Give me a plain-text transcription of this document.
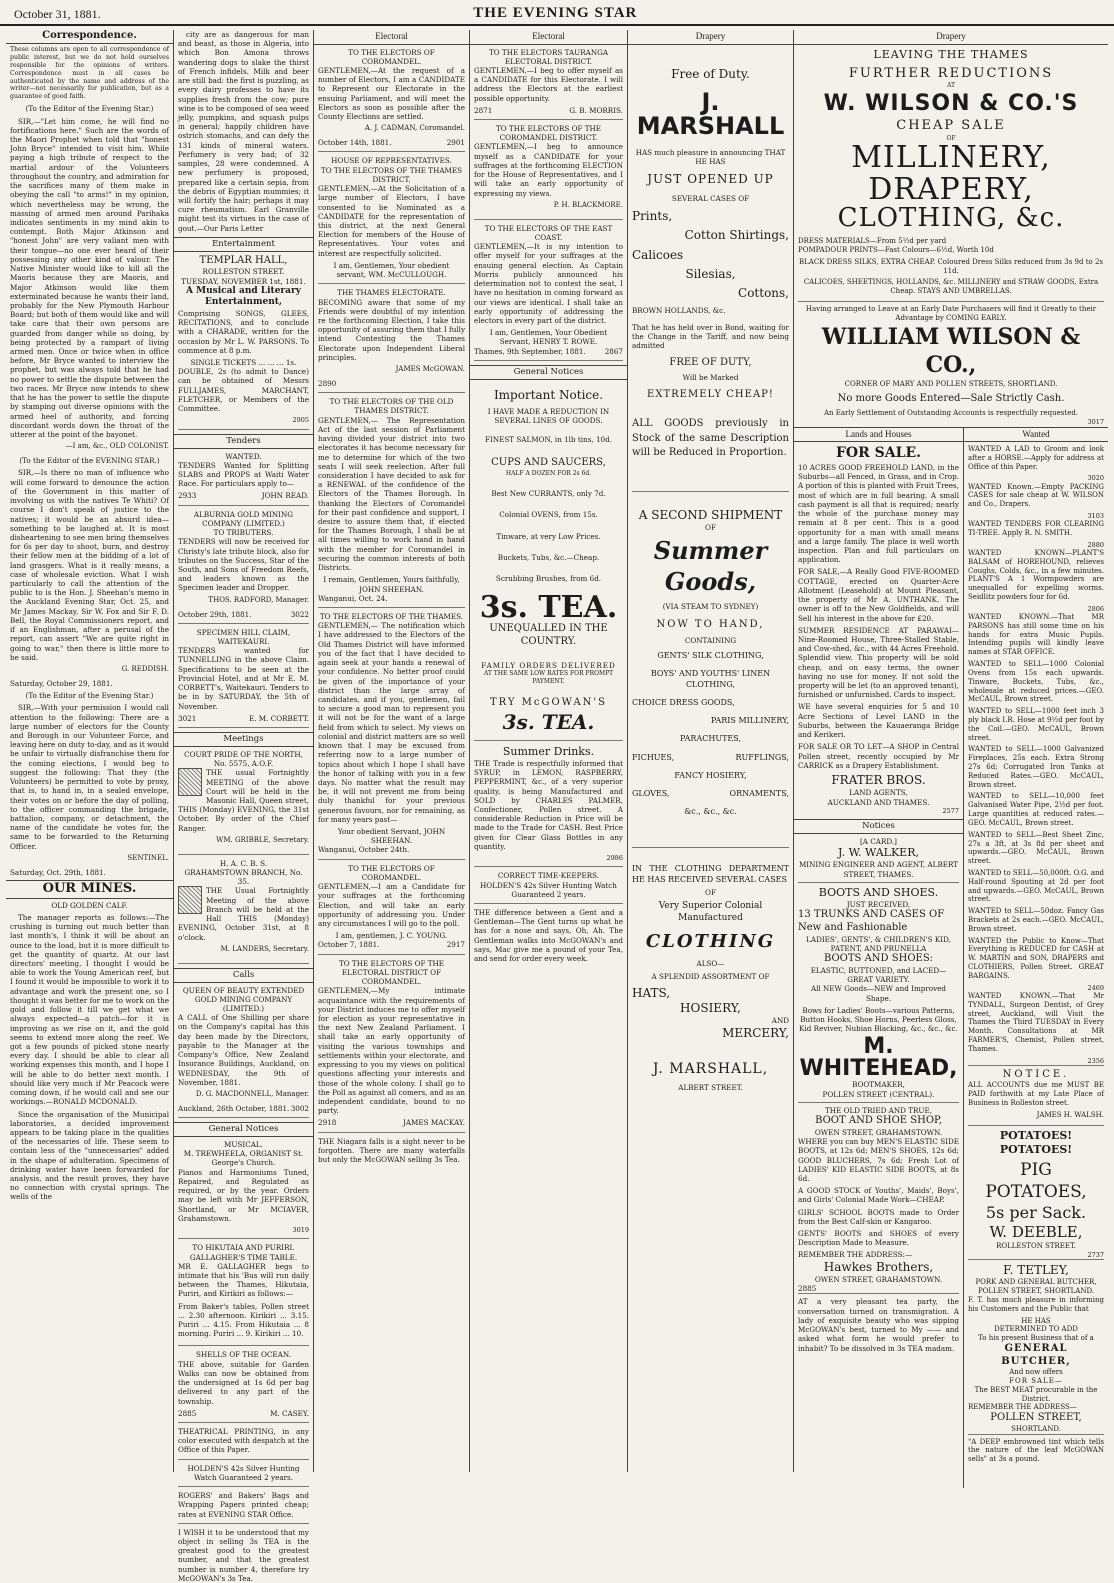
October 31, 1881.	THE EVENING STAR
Correspondence.

These columns are open to all correspondence of public interest, but we do not hold ourselves responsible for the opinions of writers. Correspondence must in all cases be authenticated by the name and address of the writer—not necessarily for publication, but as a guarantee of good faith.

(To the Editor of the Evening Star.)

SIR,—"Let him come, he will find no fortifications here." Such are the words of the Maori Prophet when told that "honest John Bryce" intended to visit him. While paying a high tribute of respect to the martial ardour of the Volunteers throughout the country, and admiration for the sacrifices many of them make in obeying the call "to arms!" in my opinion, which nevertheless may be wrong, the massing of armed men around Parihaka indicates sentiments in my mind akin to contempt. Both Major Atkinson and "honest John" are very valiant men with their tongue—no one ever heard of their possessing any other kind of valour. The Native Minister would like to kill all the Maoris because they are Maoris, and Major Atkinson would like them exterminated because he wants their land, probably for the New Plymouth Harbour Board; but both of them would like and will take care that their own persons are guarded from danger while so doing, by being protected by a rampart of living armed men. Once or twice when in office before, Mr Bryce wanted to interview the prophet, but was always told that he had no power to settle the dispute between the two races. Mr Bryce now intends to shew that he has the power to settle the dispute by stamping out diverse opinions with the armed heel of authority, and forcing discordant words down the throat of the utterer at the point of the bayonet.

—I am, &c., OLD COLONIST.

(To the Editor of the EVENING STAR.)

SIR,—Is there no man of influence who will come forward to denounce the action of the Government in this matter of involving us with the natives Te Whiti? Of course I don't speak of justice to the natives; it would be an absurd idea—something to be laughed at. It is most disheartening to see men bring themselves for 6s per day to shoot, burn, and destroy their fellow men at the bidding of a lot of land grasgers. What is it really means, a case of wholesale eviction. What I wish particularly to call the attention of the public to is the Hon. J. Sheehan's memo in the Auckland Evening Star, Oct. 25, and Mr James Mackay, Sir W. Fox and Sir F. D. Bell, the Royal Commissioners report, and if an Englishman, after a perusal of the report, can assert "We are quite right in going to war," then there is little more to be said.

G. REDDISH.

Saturday, October 29, 1881.

(To the Editor of the Evening Star.)

SIR,—With your permission I would call attention to the following: There are a large number of electors for the County and Borough in our Volunteer Force, and leaving here on duty to-day, and as it would be unfair to virtually disfranchise them for the coming elections, I would beg to suggest the following: That they (the Volunteers) be permitted to vote by proxy, that is, to hand in, in a sealed envelope, their votes on or before the day of polling, to the officer commanding the brigade, battalion, company, or detachment, the name of the candidate he votes for, the same to be forwarded to the Returning Officer.

SENTINEL.

Saturday, Oct. 29th, 1881.

OUR MINES.

OLD GOLDEN CALF.

The manager reports as follows:—The crushing is turning out much better than last month's, I think it will be about an ounce to the load, but it is more difficult to get the quantity of quartz. At our last directors' meeting, I thought I would be able to work the Young American reef, but I found it would be impossible to work it to advantage and work the present one, so I thought it was better for me to work on the gold and follow it till we get what we always expected—a patch—for it is improving as we rise on it, and the gold seems to extend more along the reef. We got a few pounds of picked stone nearly every day. I should be able to clear all working expenses this month, and I hope I will be able to do better next month. I should like very much if Mr Peacock were coming down, if he would call and see our workings.—RONALD MCDONALD.

Since the organisation of the Municipal laboratories, a decided improvement appears to be taking place in the qualities of the necessaries of life. These seem to contain less of the "unnecessaries" added in the shape of adulteration. Specimens of drinking water have been forwarded for analysis, and the result proves, they have no connection with crystal springs. The wells of the

city are as dangerous for man and beast, as those in Algeria, into which Bon Amona throws wandering dogs to slake the thirst of French infidels. Milk and beer are still bad: the first is puzzling, as every dairy professes to have its supplies fresh from the cow; pure wine is to be composed of sea weed jelly, pumpkins, and squash pulps in general; happily children have ostrich stomachs, and can defy the 131 kinds of mineral waters. Perfumery is very bad; of 32 samples, 28 were condemned. A new perfumery is proposed, prepared like a certain sepia, from the debris of Egyptian mummies; it will fortify the hair; perhaps it may cure rheumatism. Earl Granville might test its virtues in the case of gout.—Our Paris Letter

Entertainment
TEMPLAR HALL,
ROLLESTON STREET.
TUESDAY, NOVEMBER 1st, 1881.
A Musical and Literary Entertainment,

Comprising SONGS, GLEES, RECITATIONS, and to conclude with a CHARADE, written for the occasion by Mr L. W. PARSONS. To commence at 8 p.m.

SINGLE TICKETS ... ... ... 1s.

DOUBLE, 2s (to admit to Dance) can be obtained of Messrs FULLJAMES, MARCHANT, FLETCHER, or Members of the Committee.

2905
Tenders
WANTED.

TENDERS Wanted for Splitting SLABS and PROPS at Waiti Water Race. For particulars apply to—

2933	JOHN READ.
ALBURNIA GOLD MINING COMPANY (LIMITED.)
TO TRIBUTERS.

TENDERS will now be received for Christy's late tribute block, also for tributes on the Success, Star of the South, and Sons of Freedom Reefs, and leaders known as the Specimen leader and Dropper.

THOS. RADFORD, Manager.
October 29th, 1881.	3022
SPECIMEN HILL CLAIM, WAITEKAURI.

TENDERS wanted for TUNNELLING in the above Claim. Specifications to be seen at the Provincial Hotel, and at Mr E. M. CORBETT's, Waitekauri. Tenders to be in by SATURDAY, the 5th of November.

3021	E. M. CORBETT.
Meetings
COURT PRIDE OF THE NORTH, No. 5575, A.O.F.

THE usual Fortnightly MEETING of the above Court will be held in the Masonic Hall, Queen street, THIS (Monday) EVENING, the 31st October. By order of the Chief Ranger.

WM. GRIBBLE, Secretary.
H. A. C. B. S.
GRAHAMSTOWN BRANCH, No. 35.

THE Usual Fortnightly Meeting of the above Branch will be held at the Hall THIS (Monday) EVENING, October 31st, at 8 o'clock.

M. LANDERS, Secretary.
Calls
QUEEN OF BEAUTY EXTENDED GOLD MINING COMPANY (LIMITED.)

A CALL of One Shilling per share on the Company's capital has this day been made by the Directors, payable to the Manager at the Company's Office, New Zealand Insurance Buildings, Auckland, on WEDNESDAY, the 9th of November, 1881.

D. G. MACDONNELL, Manager.
Auckland, 26th October, 1881. 3002
General Notices
MUSICAL.
M. TREWHEELA, ORGANIST St. George's Church.

Pianos and Harmoniums Tuned, Repaired, and Regulated as required, or by the year. Orders may be left with Mr JEFFERSON, Shortland, or Mr MCIAVER, Grahamstown.

3019
TO HIKUTAIA AND PURIRI.
GALLAGHER'S TIME TABLE.

MR E. GALLAGHER begs to intimate that his 'Bus will run daily between the Thames, Hikutaia, Puriri, and Kirikiri as follows:—

From Baker's tables, Pollen street ... 2.30 afternoon. Kirikiri ... 3.15. Puriri ... 4.15. From Hikutaia ... 8 morning. Puriri ... 9. Kirikiri ... 10.

SHELLS OF THE OCEAN.

THE above, suitable for Garden Walks can now be obtained from the undersigned at 1s 6d per bag delivered to any part of the township.

2885	M. CASEY.

THEATRICAL PRINTING, in any color executed with despatch at the Office of this Paper.

HOLDEN'S 42s Silver Hunting Watch Guaranteed 2 years.

ROGERS' and Bakers' Bags and Wrapping Papers printed cheap; rates at EVENING STAR Office.

I WISH it to be understood that my object in selling 3s TEA is the greatest good to the greatest number, and that the greatest number is number 4, therefore try McGOWAN's 3s Tea.

Electoral
TO THE ELECTORS OF COROMANDEL.

GENTLEMEN,—At the request of a number of Electors, I am a CANDIDATE to Represent our Electorate in the ensuing Parliament, and will meet the Electors as soon as possible after the County Elections are settled.

A. J. CADMAN, Coromandel.
October 14th, 1881.	2901
HOUSE OF REPRESENTATIVES.
TO THE ELECTORS OF THE THAMES DISTRICT.

GENTLEMEN,—At the Solicitation of a large number of Electors, I have consented to be Nominated as a CANDIDATE for the representation of this district, at the next General Election for members of the House of Representatives. Your votes and interest are respectfully solicited.

I am, Gentlemen, Your obedient servant, WM. McCULLOUGH.
THE THAMES ELECTORATE.

BECOMING aware that some of my Friends were doubtful of my intention re the forthcoming Election, I take this opportunity of assuring them that I fully intend Contesting the Thames Electorate upon Independent Liberal principles.

JAMES McGOWAN.
2890
TO THE ELECTORS OF THE OLD THAMES DISTRICT.

GENTLEMEN,— The Representation Act of the last session of Parliament having divided your district into two electorates it has become necessary for me to determine for which of the two seats I will seek reelection. After full consideration I have decided to ask for a RENEWAL of the confidence of the Electors of the Thames Borough. In thanking the Electors of Coromandel for their past confidence and support, I desire to assure them that, if elected for the Thames Borough, I shall be at all times willing to work hand in hand with the member for Coromandel in securing the common interests of both Districts.

I remain, Gentlemen, Yours faithfully, JOHN SHEEHAN.
Wanganui, Oct. 24.
TO THE ELECTORS OF THE THAMES.

GENTLEMEN,— The notification which I have addressed to the Electors of the Old Thames District will have informed you of the fact that I have decided to again seek at your hands a renewal of your confidence. No better proof could be given of the importance of your district than the large array of candidates, and if you, gentlemen, fail to secure a good man to represent you it will not be for the want of a large field from which to select. My views on colonial and district matters are so well known that I may be excused from referring now to a large number of topics about which I hope I shall have the honor of talking with you in a few days. No matter what the result may be, it will not prevent me from being duly thankful for your previous generous favours, nor for remaining, as for many years past—

Your obedient Servant, JOHN SHEEHAN.
Wanganui, October 24th.
TO THE ELECTORS OF COROMANDEL.

GENTLEMEN,—I am a Candidate for your suffrages at the forthcoming Election, and will take an early opportunity of addressing you. Under any circumstances I will go to the poll.

I am, gentlemen, J. C. YOUNG.
October 7, 1881.	2917
TO THE ELECTORS OF THE ELECTORAL DISTRICT OF COROMANDEL.

GENTLEMEN,—My intimate acquaintance with the requirements of your District induces me to offer myself for election as your representative in the next New Zealand Parliament. I shall take an early opportunity of visiting the various townships and settlements within your electorate, and expressing to you my views on political questions affecting your interests and those of the whole colony. I shall go to the Poll as against all comers, and as an independent candidate, bound to no party.

2918	JAMES MACKAY.

THE Niagara falls is a sight never to be forgotten. There are many waterfalls but only the McGOWAN selling 3s Tea.

Electoral
TO THE ELECTORS TAURANGA ELECTORAL DISTRICT.

GENTLEMEN,—I beg to offer myself as a CANDIDATE for this Electorate. I will address the Electors at the earliest possible opportunity.

2871	G. B. MORRIS.
TO THE ELECTORS OF THE COROMANDEL DISTRICT.

GENTLEMEN,—I beg to announce myself as a CANDIDATE for your suffrages at the forthcoming ELECTION for the House of Representatives, and I will take an early opportunity of expressing my views.

P. H. BLACKMORE.
TO THE ELECTORS OF THE EAST COAST.

GENTLEMEN,—It is my intention to offer myself for your suffrages at the ensuing general election. As Captain Morris publicly announced his determination not to contest the seat, I have no hesitation in coming forward as our views are identical. I shall take an early opportunity of addressing the electors in every part of the district.

I am, Gentlemen, Your Obedient Servant, HENRY T. ROWE.
Thames, 9th September, 1881.	2867
General Notices
Important Notice.
I HAVE MADE A REDUCTION IN SEVERAL LINES OF GOODS.
FINEST SALMON, in 1lb tins, 10d.
CUPS AND SAUCERS,
HALF A DOZEN FOR 2s 6d.
Best New CURRANTS, only 7d.
Colonial OVENS, from 15s.
Tinware, at very Low Prices.
Buckets, Tubs, &c.—Cheap.
Scrubbing Brushes, from 6d.
3s. TEA.
UNEQUALLED IN THE COUNTRY.
FAMILY ORDERS DELIVERED
AT THE SAME LOW RATES FOR PROMPT PAYMENT.
TRY McGOWAN'S
3s. TEA.
Summer Drinks.

THE Trade is respectfully informed that SYRUP, in LEMON, RASPBERRY, PEPPERMINT, &c., of a very superior quality, is being Manufactured and SOLD by CHARLES PALMER, Confectioner, Pollen street. A considerable Reduction in Price will be made to the Trade for CASH. Best Price given for Clear Glass Bottles in any quantity.

2986
CORRECT TIME-KEEPERS.
HOLDEN'S 42s Silver Hunting Watch Guaranteed 2 years.

THE difference between a Gent and a Gentleman—The Gent turns up what he has for a nose and says, Oh, Ah. The Gentleman walks into McGOWAN's and says, Mac give me a pound of your Tea, and send for order every week.

Drapery
Free of Duty.
J. MARSHALL

HAS much pleasure in announcing THAT HE HAS

JUST OPENED UP
SEVERAL CASES OF
Prints,
Cotton Shirtings,
Calicoes
Silesias,
Cottons,
BROWN HOLLANDS, &c.

That he has held over in Bond, waiting for the Change in the Tariff, and now being admitted

FREE OF DUTY,
Will be Marked
EXTREMELY CHEAP!

ALL GOODS previously in Stock of the same Description will be Reduced in Proportion.

A SECOND SHIPMENT
OF
Summer Goods,
(VIA STEAM TO SYDNEY)
NOW TO HAND,
CONTAINING
GENTS' SILK CLOTHING,
BOYS' AND YOUTHS' LINEN CLOTHING,
CHOICE DRESS GOODS,
PARIS MILLINERY,
PARACHUTES,
FICHUES, RUFFLINGS,
FANCY HOSIERY,
GLOVES, ORNAMENTS,
&c., &c., &c.

IN THE CLOTHING DEPARTMENT HE HAS RECEIVED SEVERAL CASES

OF
Very Superior Colonial Manufactured
CLOTHING
ALSO—
A SPLENDID ASSORTMENT OF
HATS,
HOSIERY,
AND
MERCERY,
J. MARSHALL,
ALBERT STREET.
Drapery
LEAVING THE THAMES
FURTHER REDUCTIONS
AT
W. WILSON & CO.'S
CHEAP SALE
OF
MILLINERY, DRAPERY,
CLOTHING, &c.
DRESS MATERIALS—From 5½d per yard
POMPADOUR PRINTS—Fast Colours—6½d, Worth 10d
BLACK DRESS SILKS, EXTRA CHEAP. Coloured Dress Silks reduced from 3s 9d to 2s 11d.
CALICOES, SHEETINGS, HOLLANDS, &c. MILLINERY and STRAW GOODS, Extra Cheap. STAYS AND UMBRELLAS.
Having arranged to Leave at an Early Date Purchasers will find it Greatly to their Advantage by COMING EARLY.
WILLIAM WILSON & CO.,
CORNER OF MARY AND POLLEN STREETS, SHORTLAND.
No more Goods Entered—Sale Strictly Cash.
An Early Settlement of Outstanding Accounts is respectfully requested.
3017
Lands and Houses
FOR SALE.

10 ACRES GOOD FREEHOLD LAND, in the Suburbs—all Fenced, in Grass, and in Crop. A portion of this is planted with Fruit Trees, most of which are in full bearing. A small cash payment is all that is required; nearly the whole of the purchase money may remain at 8 per cent. This is a good opportunity for a man with small means and a large family. The place is well worth inspection. Plan and full particulars on application.

FOR SALE,—A Really Good FIVE-ROOMED COTTAGE, erected on Quarter-Acre Allotment (Leasehold) at Mount Pleasant, the property of Mr A. UNTHANK. The owner is off to the New Goldfields, and will Sell his interest in the above for £20.

SUMMER RESIDENCE AT PARAWAI—Nine-Roomed House, Three-Stalled Stable, and Cow-shed, &c., with 44 Acres Freehold. Splendid view. This property will be sold cheap, and on easy terms, the owner having no use for money. If not sold the property will be let (to an approved tenant), furnished or unfurnished. Cards to inspect.

WE have several enquiries for 5 and 10 Acre Sections of Level LAND in the Suburbs, between the Kauaeranga Bridge and Kerikeri.

FOR SALE OR TO LET—A SHOP in Central Pollen street, recently occupied by Mr CARRICK as a Drapery Establishment.

FRATER BROS.
LAND AGENTS,
AUCKLAND AND THAMES.
2577
Notices
[A CARD.]
J. W. WALKER,
MINING ENGINEER AND AGENT, ALBERT STREET, THAMES.
BOOTS AND SHOES.
JUST RECEIVED,
13 TRUNKS AND CASES OF New and Fashionable
LADIES', GENTS', & CHILDREN'S KID, PATENT, AND PRUNELLA
BOOTS AND SHOES:
ELASTIC, BUTTONED, and LACED—GREAT VARIETY.
All NEW Goods—NEW and Improved Shape.

Bows for Ladies' Boots—various Patterns, Button Hooks, Shoe Horns, Peerless Gloss, Kid Reviver, Nubian Blacking, &c., &c., &c.

M. WHITEHEAD,
BOOTMAKER,
POLLEN STREET (CENTRAL).
THE OLD TRIED AND TRUE,
BOOT AND SHOE SHOP,
OWEN STREET, GRAHAMSTOWN.

WHERE you can buy MEN'S ELASTIC SIDE BOOTS, at 12s 6d; MEN'S SHOES, 12s 6d; GOOD BLUCHERS, 7s 6d; Fresh Lot of LADIES' KID ELASTIC SIDE BOOTS, at 8s 6d.

A GOOD STOCK of Youths', Maids', Boys', and Girls' Colonial Made Work—CHEAP.

GIRLS' SCHOOL BOOTS made to Order from the Best Calf-skin or Kangaroo.

GENTS' BOOTS and SHOES of every Description Made to Measure.

REMEMBER THE ADDRESS:—
Hawkes Brothers,
OWEN STREET, GRAHAMSTOWN.
2885

AT a very pleasant tea party, the conversation turned on transmigration. A lady of exquisite beauty who was sipping McGOWAN's best, turned to My —— and asked what form he would prefer to inhabit? To be dissolved in 3s TEA madam.

Wanted

WANTED A LAD to Groom and look after a HORSE.—Apply for address at Office of this Paper.

3020

WANTED Known.—Empty PACKING CASES for sale cheap at W. WILSON and Co., Drapers.

3103

WANTED TENDERS FOR CLEARING TI-TREE. Apply R. N. SMITH.

2880

WANTED KNOWN—PLANT'S BALSAM of HOREHOUND, relieves Coughs, Colds, &c., in a few minutes. PLANT'S A 1 Wormpowders are unequalled for expelling worms. Seidlitz powders four for 6d.

2806

WANTED KNOWN.—That MR PARSONS has still some time on his hands for extra Music Pupils. Intending pupils will kindly leave names at STAR OFFICE.

WANTED to SELL—1000 Colonial Ovens from 15s each upwards. Tinware, Buckets, Tubs, &c., wholesale at reduced prices.—GEO. McCAUL, Brown street.

WANTED to SELL—1000 feet inch 3 ply black I.R. Hose at 9½d per foot by the Coil.—GEO. McCAUL, Brown street.

WANTED to SELL—1000 Galvanized Fireplaces, 25s each. Extra Strong 27s 6d; Corrugated Iron Tanks at Reduced Rates.—GEO. McCAUL, Brown street.

WANTED to SELL—10,000 feet Galvanised Water Pipe, 2½d per foot. Large quantities at reduced rates.—GEO. McCAUL, Brown street.

WANTED to SELL—Best Sheet Zinc, 27s a 3ft, at 3s 8d per sheet and upwards.—GEO. McCAUL, Brown street.

WANTED to SELL—50,000ft. O.G. and Half-round Spouting at 2d per foot and upwards.—GEO. McCAUL, Brown street.

WANTED to SELL—50doz. Fancy Gas Brackets at 2s each.—GEO. McCAUL, Brown street.

WANTED the Public to Know—That Everything is REDUCED for CASH at W. MARTIN and SON, DRAPERS and CLOTHIERS, Pollen Street. GREAT BARGAINS.

2469

WANTED KNOWN,—That Mr TYNDALL, Surgeon Dentist, of Grey street, Auckland, will Visit the Thames the Third TUESDAY in Every Month. Consultations at MR FARMER'S, Chemist, Pollen street, Thames.

2356
NOTICE.

ALL ACCOUNTS due me MUST BE PAID forthwith at my Late Place of Business in Rolleston street.

JAMES H. WALSH.
POTATOES! POTATOES!
PIG POTATOES,
5s per Sack.
W. DEEBLE,
ROLLESTON STREET.
2737
F. TETLEY,
PORK AND GENERAL BUTCHER,
POLLEN STREET, SHORTLAND.

F. T. has much pleasure in informing his Customers and the Public that

HE HAS
DETERMINED TO ADD
To his present Business that of a
GENERAL BUTCHER,
And now offers
FOR SALE—
The BEST MEAT procurable in the District.
REMEMBER THE ADDRESS—
POLLEN STREET,
SHORTLAND.

"A DEEP embrowned tint which tells the nature of the leaf McGOWAN sells" at 3s a pound.
